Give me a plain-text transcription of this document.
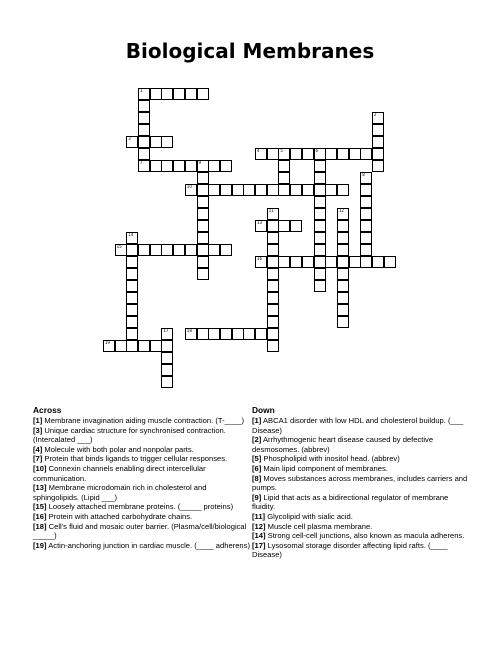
Biological Membranes
1
7
2
3
4	5	6
9
8
10
11	12
13
14
15
16
17	18
19
Across

[1] Membrane invagination aiding muscle contraction. (T-____)

[3] Unique cardiac structure for synchronised contraction. (Intercalated ___)

[4] Molecule with both polar and nonpolar parts.

[7] Protein that binds ligands to trigger cellular responses.

[10] Connexin channels enabling direct intercellular communication.

[13] Membrane microdomain rich in cholesterol and sphingolipids. (Lipid ___)

[15] Loosely attached membrane proteins. (_____ proteins)

[16] Protein with attached carbohydrate chains.

[18] Cell's fluid and mosaic outer barrier. (Plasma/cell/biological _____)

[19] Actin-anchoring junction in cardiac muscle. (____ adherens)

Down

[1] ABCA1 disorder with low HDL and cholesterol buildup. (___ Disease)

[2] Arrhythmogenic heart disease caused by defective desmosomes. (abbrev)

[5] Phospholipid with inositol head. (abbrev)

[6] Main lipid component of membranes.

[8] Moves substances across membranes, includes carriers and pumps.

[9] Lipid that acts as a bidirectional regulator of membrane fluidity.

[11] Glycolipid with sialic acid.

[12] Muscle cell plasma membrane.

[14] Strong cell-cell junctions, also known as macula adherens.

[17] Lysosomal storage disorder affecting lipid rafts. (____ Disease)
